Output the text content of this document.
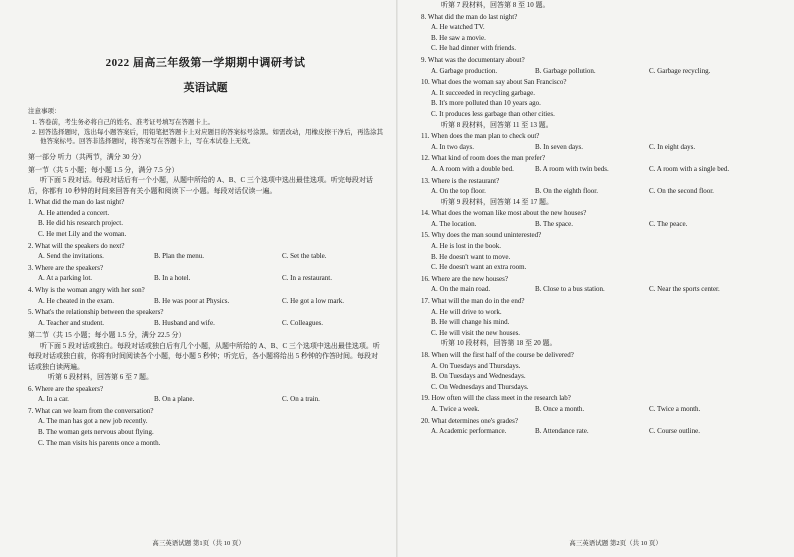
2022 届高三年级第一学期期中调研考试
英语试题
注意事项：
1. 答卷前，考生务必将自己的姓名、准考证号填写在答题卡上。
2. 回答选择题时，选出每小题答案后，用铅笔把答题卡上对应题目的答案标号涂黑。如需改动，用橡皮擦干净后，再选涂其他答案标号。回答非选择题时，将答案写在答题卡上，写在本试卷上无效。
第一部分 听力（共两节，满分 30 分）
第一节（共 5 小题；每小题 1.5 分，满分 7.5 分）
听下面 5 段对话。每段对话后有一个小题，从题中所给的 A、B、C 三个选项中选出最佳选项。听完每段对话后，你都有 10 秒钟的时间来回答有关小题和阅读下一小题。每段对话仅读一遍。
1. What did the man do last night?
A. He attended a concert.
B. He did his research project.
C. He met Lily and the woman.
2. What will the speakers do next?
A. Send the invitations.	B. Plan the menu.	C. Set the table.
3. Where are the speakers?
A. At a parking lot.	B. In a hotel.	C. In a restaurant.
4. Why is the woman angry with her son?
A. He cheated in the exam.	B. He was poor at Physics.	C. He got a low mark.
5. What's the relationship between the speakers?
A. Teacher and student.	B. Husband and wife.	C. Colleagues.
第二节（共 15 小题；每小题 1.5 分，满分 22.5 分）
听下面 5 段对话或独白。每段对话或独白后有几个小题，从题中所给的 A、B、C 三个选项中选出最佳选项。听每段对话或独白前，你将有时间阅读各个小题，每小题 5 秒钟；听完后，各小题将给出 5 秒钟的作答时间。每段对话或独白读两遍。
听第 6 段材料，回答第 6 至 7 题。
6. Where are the speakers?
A. In a car.	B. On a plane.	C. On a train.
7. What can we learn from the conversation?
A. The man has got a new job recently.
B. The woman gets nervous about flying.
C. The man visits his parents once a month.
高三英语试题 第1页（共 10 页）
听第 7 段材料，回答第 8 至 10 题。
8. What did the man do last night?
A. He watched TV.
B. He saw a movie.
C. He had dinner with friends.
9. What was the documentary about?
A. Garbage production.	B. Garbage pollution.	C. Garbage recycling.
10. What does the woman say about San Francisco?
A. It succeeded in recycling garbage.
B. It's more polluted than 10 years ago.
C. It produces less garbage than other cities.
听第 8 段材料，回答第 11 至 13 题。
11. When does the man plan to check out?
A. In two days.	B. In seven days.	C. In eight days.
12. What kind of room does the man prefer?
A. A room with a double bed.	B. A room with twin beds.	C. A room with a single bed.
13. Where is the restaurant?
A. On the top floor.	B. On the eighth floor.	C. On the second floor.
听第 9 段材料，回答第 14 至 17 题。
14. What does the woman like most about the new houses?
A. The location.	B. The space.	C. The peace.
15. Why does the man sound uninterested?
A. He is lost in the book.
B. He doesn't want to move.
C. He doesn't want an extra room.
16. Where are the new houses?
A. On the main road.	B. Close to a bus station.	C. Near the sports center.
17. What will the man do in the end?
A. He will drive to work.
B. He will change his mind.
C. He will visit the new houses.
听第 10 段材料，回答第 18 至 20 题。
18. When will the first half of the course be delivered?
A. On Tuesdays and Thursdays.
B. On Tuesdays and Wednesdays.
C. On Wednesdays and Thursdays.
19. How often will the class meet in the research lab?
A. Twice a week.	B. Once a month.	C. Twice a month.
20. What determines one's grades?
A. Academic performance.	B. Attendance rate.	C. Course outline.
高三英语试题 第2页（共 10 页）
